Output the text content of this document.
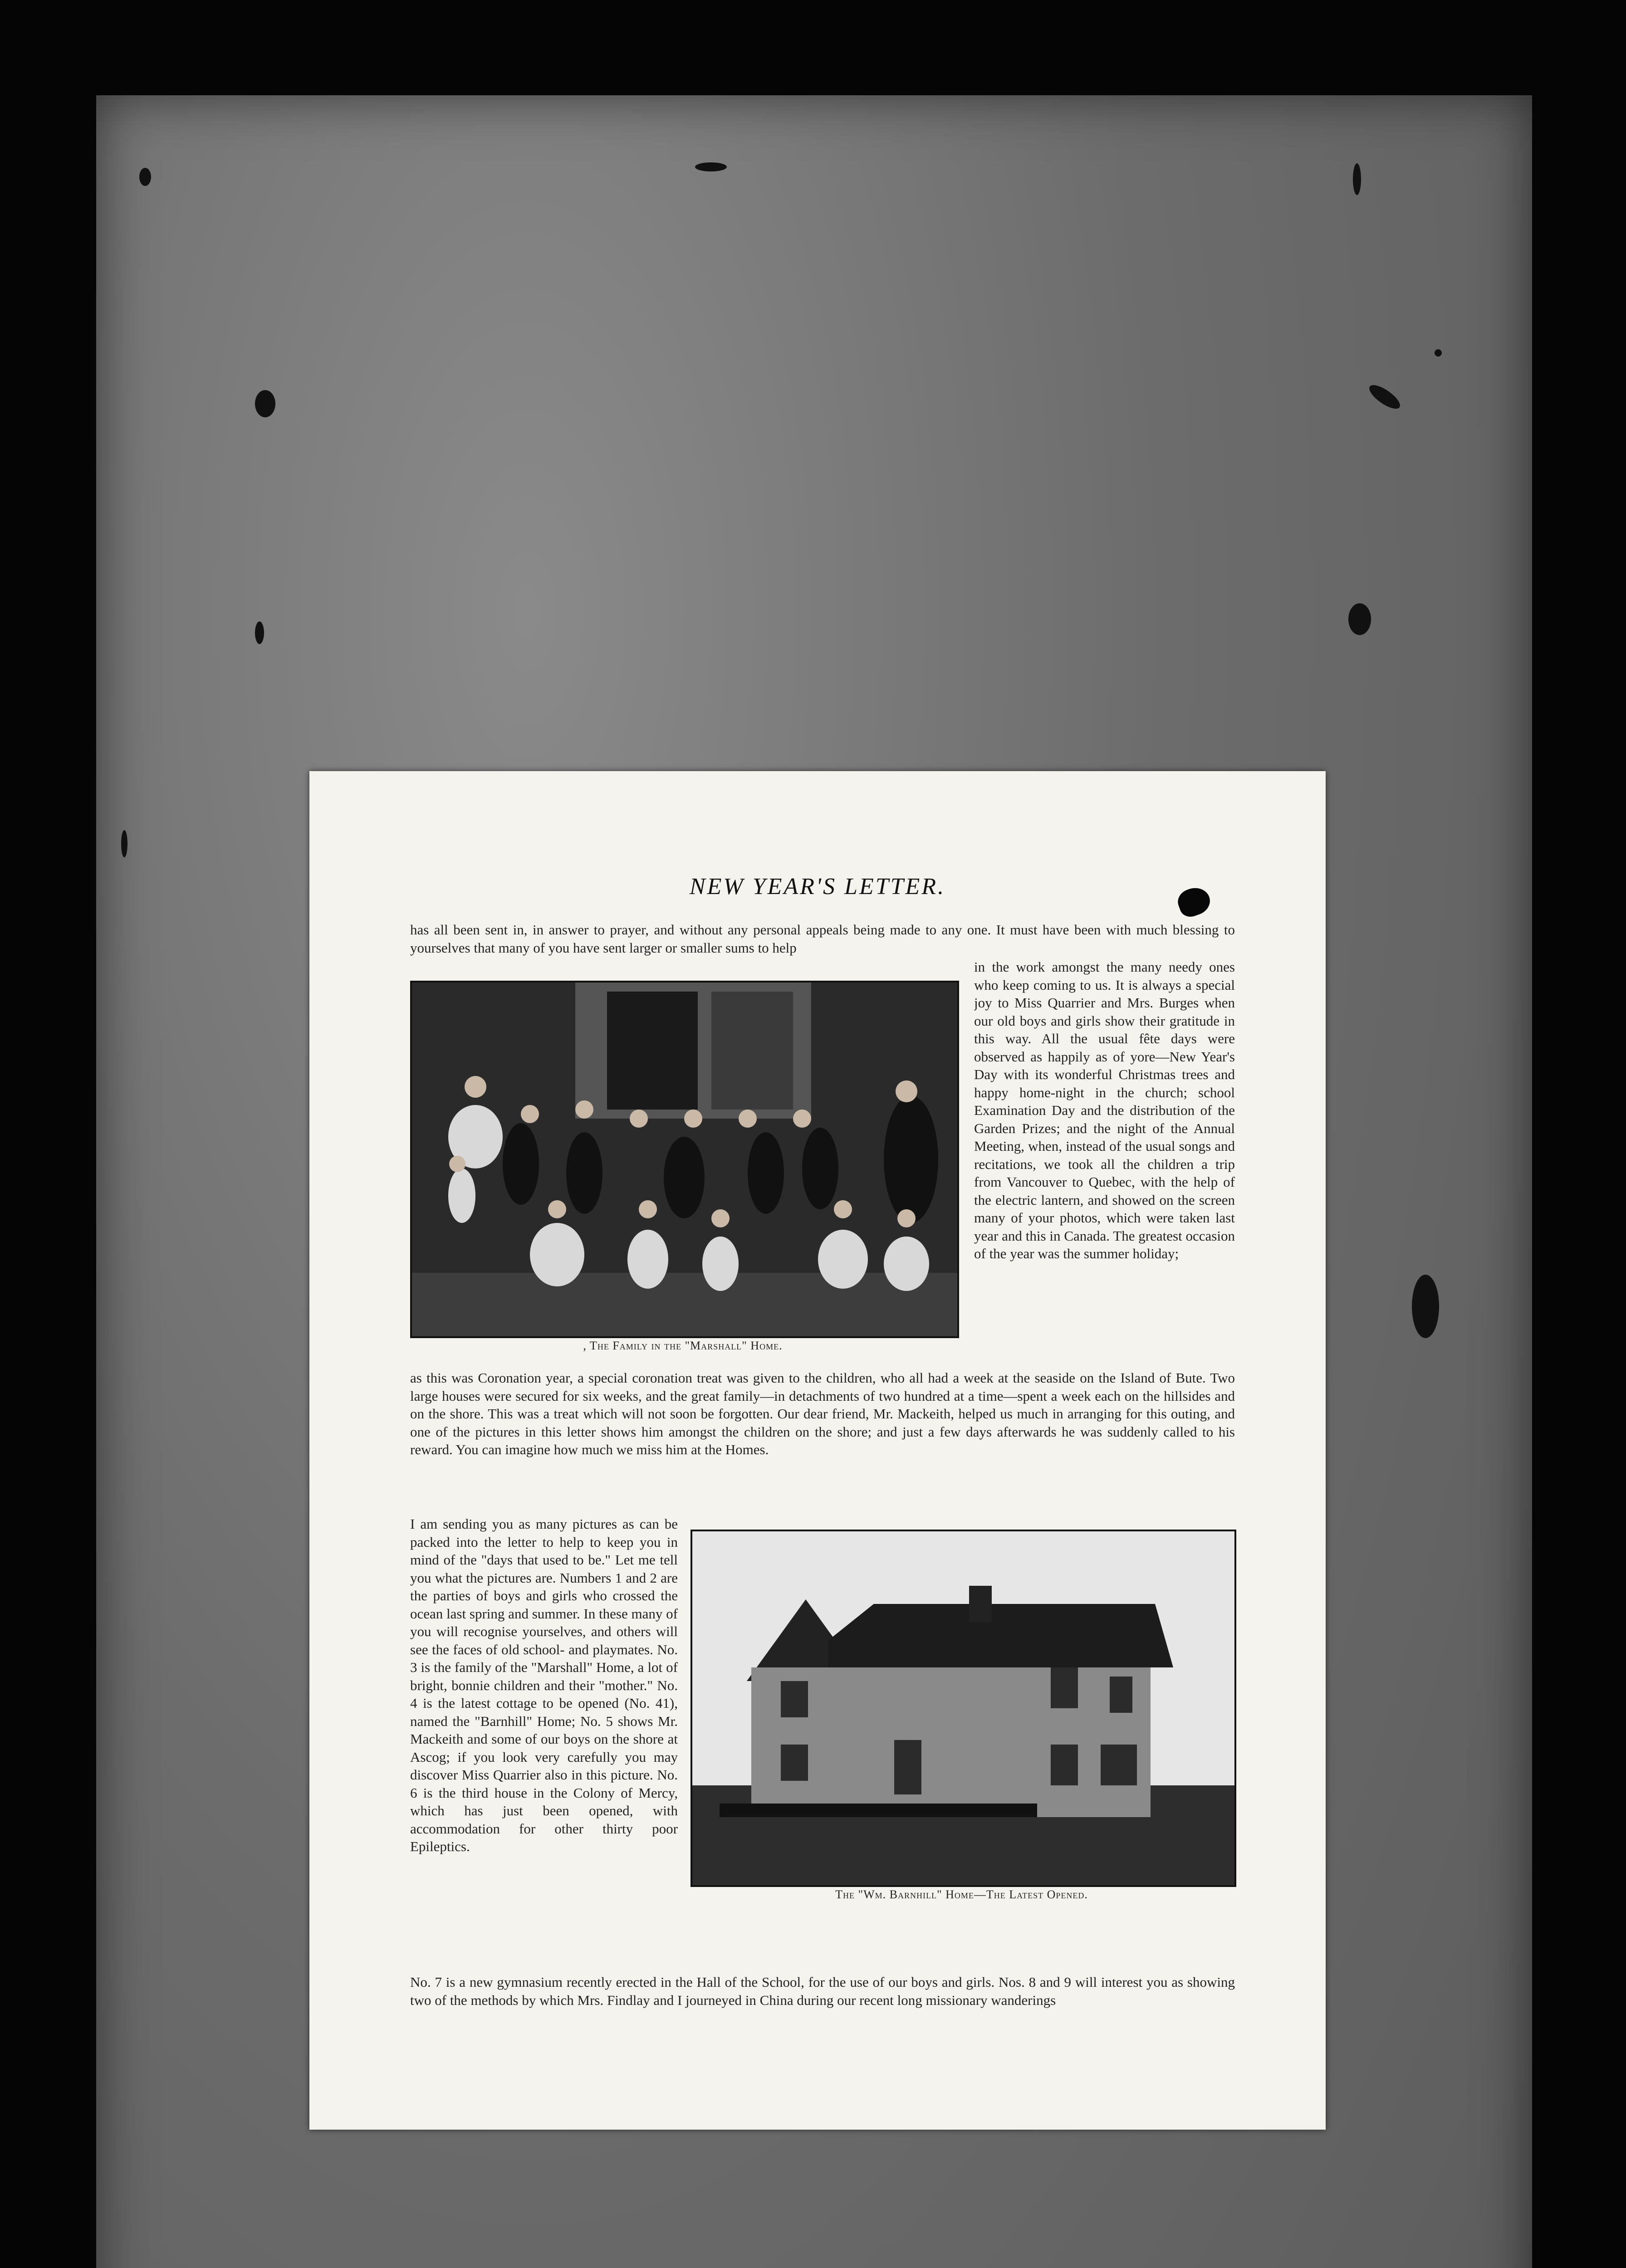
NEW YEAR'S LETTER.

has all been sent in, in answer to prayer, and without any personal appeals being made to any one. It must have been with much blessing to yourselves that many of you have sent larger or smaller sums to help

, The Family in the "Marshall" Home.

in the work amongst the many needy ones who keep coming to us. It is always a special joy to Miss Quarrier and Mrs. Burges when our old boys and girls show their gratitude in this way. All the usual fête days were observed as happily as of yore—New Year's Day with its wonderful Christmas trees and happy home-night in the church; school Examination Day and the distribution of the Garden Prizes; and the night of the Annual Meeting, when, instead of the usual songs and recitations, we took all the children a trip from Vancouver to Quebec, with the help of the electric lantern, and showed on the screen many of your photos, which were taken last year and this in Canada. The greatest occasion of the year was the summer holiday;

as this was Coronation year, a special coronation treat was given to the children, who all had a week at the seaside on the Island of Bute. Two large houses were secured for six weeks, and the great family—in detachments of two hundred at a time—spent a week each on the hillsides and on the shore. This was a treat which will not soon be forgotten. Our dear friend, Mr. Mackeith, helped us much in arranging for this outing, and one of the pictures in this letter shows him amongst the children on the shore; and just a few days afterwards he was suddenly called to his reward. You can imagine how much we miss him at the Homes.

I am sending you as many pictures as can be packed into the letter to help to keep you in mind of the "days that used to be." Let me tell you what the pictures are. Numbers 1 and 2 are the parties of boys and girls who crossed the ocean last spring and summer. In these many of you will recognise yourselves, and others will see the faces of old school- and playmates. No. 3 is the family of the "Marshall" Home, a lot of bright, bonnie children and their "mother." No. 4 is the latest cottage to be opened (No. 41), named the "Barnhill" Home; No. 5 shows Mr. Mackeith and some of our boys on the shore at Ascog; if you look very carefully you may discover Miss Quarrier also in this picture. No. 6 is the third house in the Colony of Mercy, which has just been opened, with accommodation for other thirty poor Epileptics.

The "Wm. Barnhill" Home—The Latest Opened.

No. 7 is a new gymnasium recently erected in the Hall of the School, for the use of our boys and girls. Nos. 8 and 9 will interest you as showing two of the methods by which Mrs. Findlay and I journeyed in China during our recent long missionary wanderings
